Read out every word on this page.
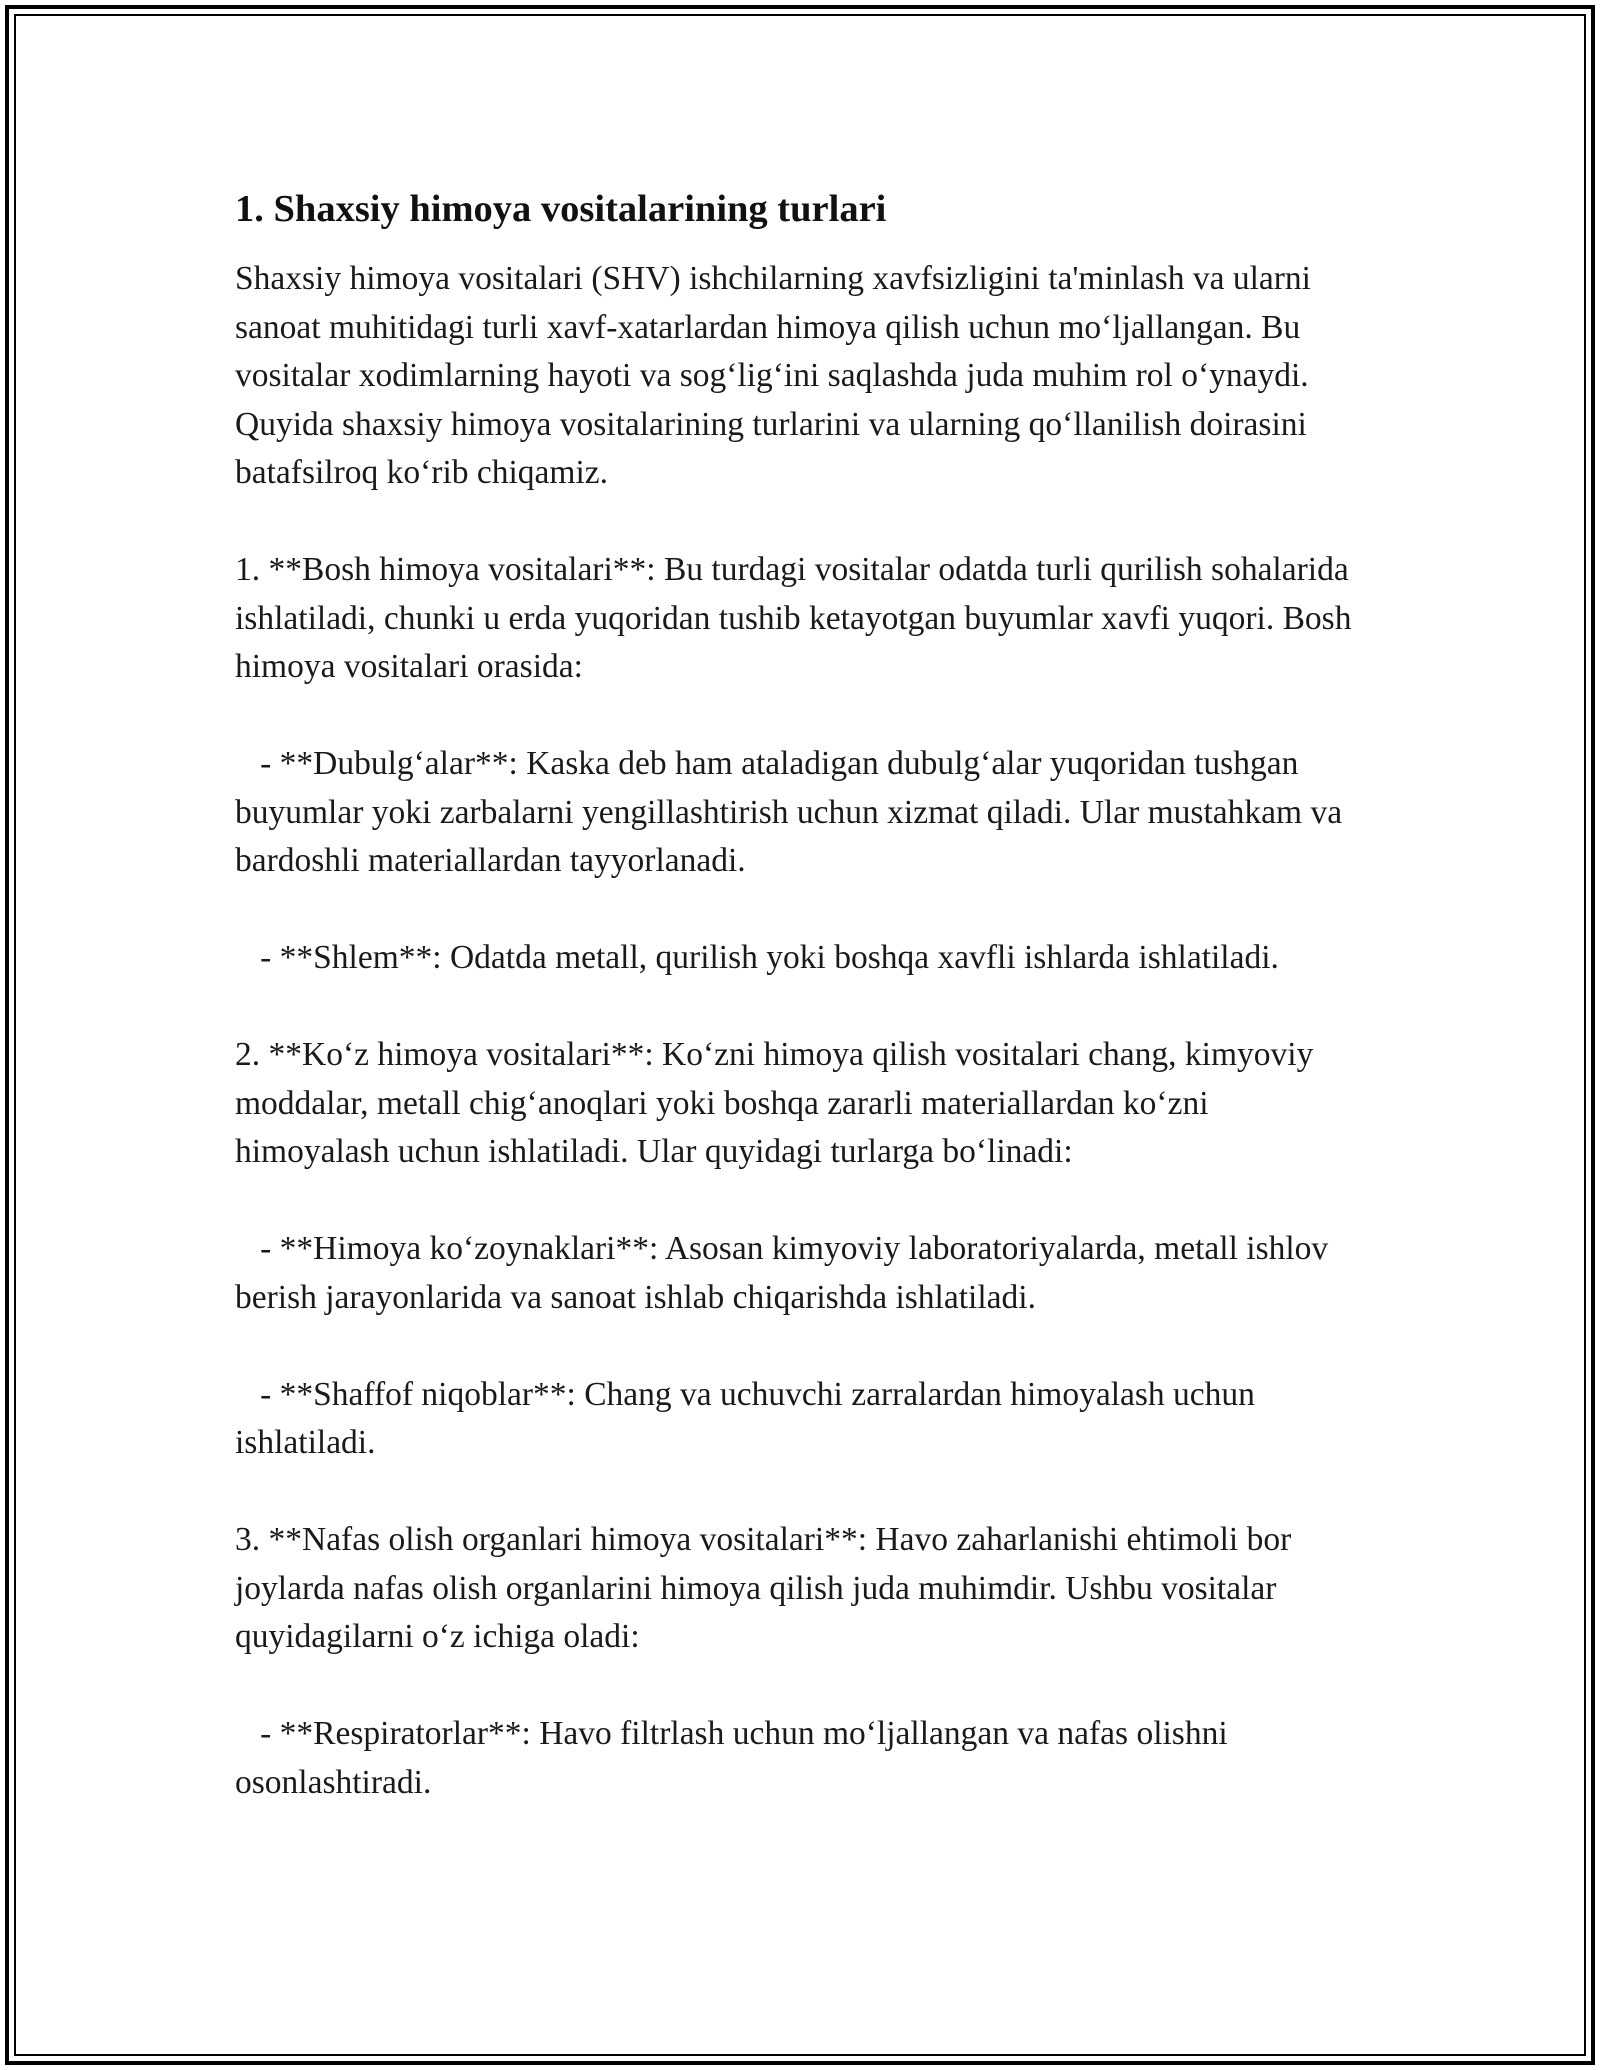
1. Shaxsiy himoya vositalarining turlari

Shaxsiy himoya vositalari (SHV) ishchilarning xavfsizligini ta'minlash va ularni sanoat muhitidagi turli xavf-xatarlardan himoya qilish uchun mo‘ljallangan. Bu vositalar xodimlarning hayoti va sog‘lig‘ini saqlashda juda muhim rol o‘ynaydi. Quyida shaxsiy himoya vositalarining turlarini va ularning qo‘llanilish doirasini batafsilroq ko‘rib chiqamiz.

1. **Bosh himoya vositalari**: Bu turdagi vositalar odatda turli qurilish sohalarida ishlatiladi, chunki u erda yuqoridan tushib ketayotgan buyumlar xavfi yuqori. Bosh himoya vositalari orasida:

- **Dubulg‘alar**: Kaska deb ham ataladigan dubulg‘alar yuqoridan tushgan buyumlar yoki zarbalarni yengillashtirish uchun xizmat qiladi. Ular mustahkam va bardoshli materiallardan tayyorlanadi.

- **Shlem**: Odatda metall, qurilish yoki boshqa xavfli ishlarda ishlatiladi.

2. **Ko‘z himoya vositalari**: Ko‘zni himoya qilish vositalari chang, kimyoviy moddalar, metall chig‘anoqlari yoki boshqa zararli materiallardan ko‘zni himoyalash uchun ishlatiladi. Ular quyidagi turlarga bo‘linadi:

- **Himoya ko‘zoynaklari**: Asosan kimyoviy laboratoriyalarda, metall ishlov berish jarayonlarida va sanoat ishlab chiqarishda ishlatiladi.

- **Shaffof niqoblar**: Chang va uchuvchi zarralardan himoyalash uchun ishlatiladi.

3. **Nafas olish organlari himoya vositalari**: Havo zaharlanishi ehtimoli bor joylarda nafas olish organlarini himoya qilish juda muhimdir. Ushbu vositalar quyidagilarni o‘z ichiga oladi:

- **Respiratorlar**: Havo filtrlash uchun mo‘ljallangan va nafas olishni osonlashtiradi.
